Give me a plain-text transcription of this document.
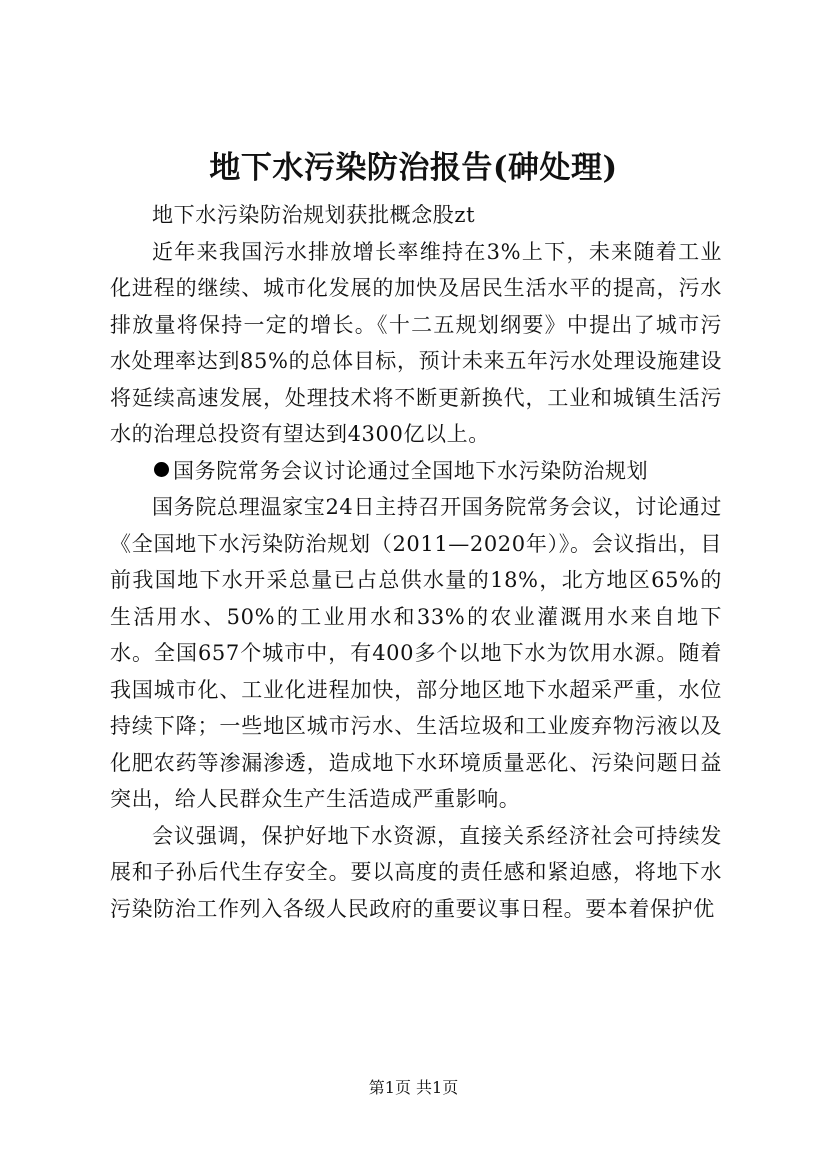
地下水污染防治报告(砷处理)

地下水污染防治规划获批概念股zt

近年来我国污水排放增长率维持在3%上下，未来随着工业化进程的继续、城市化发展的加快及居民生活水平的提高，污水排放量将保持一定的增长。《十二五规划纲要》中提出了城市污水处理率达到85%的总体目标，预计未来五年污水处理设施建设将延续高速发展，处理技术将不断更新换代，工业和城镇生活污水的治理总投资有望达到4300亿以上。

国务院常务会议讨论通过全国地下水污染防治规划

国务院总理温家宝24日主持召开国务院常务会议，讨论通过《全国地下水污染防治规划（2011—2020年）》。会议指出，目前我国地下水开采总量已占总供水量的18%，北方地区65%的生活用水、50%的工业用水和33%的农业灌溉用水来自地下水。全国657个城市中，有400多个以地下水为饮用水源。随着我国城市化、工业化进程加快，部分地区地下水超采严重，水位持续下降；一些地区城市污水、生活垃圾和工业废弃物污液以及化肥农药等渗漏渗透，造成地下水环境质量恶化、污染问题日益突出，给人民群众生产生活造成严重影响。

会议强调，保护好地下水资源，直接关系经济社会可持续发展和子孙后代生存安全。要以高度的责任感和紧迫感，将地下水污染防治工作列入各级人民政府的重要议事日程。要本着保护优

第1页 共1页
